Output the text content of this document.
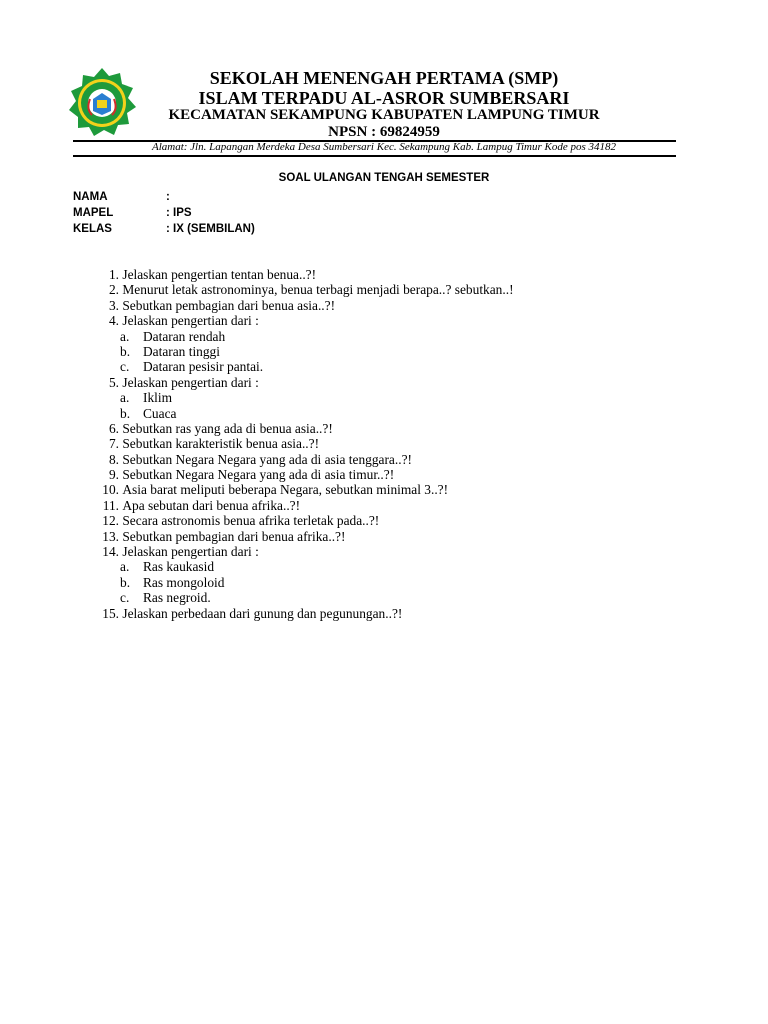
SEKOLAH MENENGAH PERTAMA (SMP)
ISLAM TERPADU AL-ASROR SUMBERSARI
KECAMATAN SEKAMPUNG KABUPATEN LAMPUNG TIMUR
NPSN : 69824959
Alamat: Jln. Lapangan Merdeka Desa Sumbersari Kec. Sekampung Kab. Lampug Timur Kode pos 34182
SOAL ULANGAN TENGAH SEMESTER
NAMA	:
MAPEL	: IPS
KELAS	: IX (SEMBILAN)
1. Jelaskan pengertian tentan benua..?!
2. Menurut letak astronominya, benua terbagi menjadi berapa..? sebutkan..!
3. Sebutkan pembagian dari benua asia..?!
4. Jelaskan pengertian dari :
a. Dataran rendah
b. Dataran tinggi
c. Dataran pesisir pantai.
5. Jelaskan pengertian dari :
a. Iklim
b. Cuaca
6. Sebutkan ras yang ada di benua asia..?!
7. Sebutkan karakteristik benua asia..?!
8. Sebutkan Negara Negara yang ada di asia tenggara..?!
9. Sebutkan Negara Negara yang ada di asia timur..?!
10. Asia barat meliputi beberapa Negara, sebutkan minimal 3..?!
11. Apa sebutan dari benua afrika..?!
12. Secara astronomis benua afrika terletak pada..?!
13. Sebutkan pembagian dari benua afrika..?!
14. Jelaskan pengertian dari :
a. Ras kaukasid
b. Ras mongoloid
c. Ras negroid.
15. Jelaskan perbedaan dari gunung dan pegunungan..?!
